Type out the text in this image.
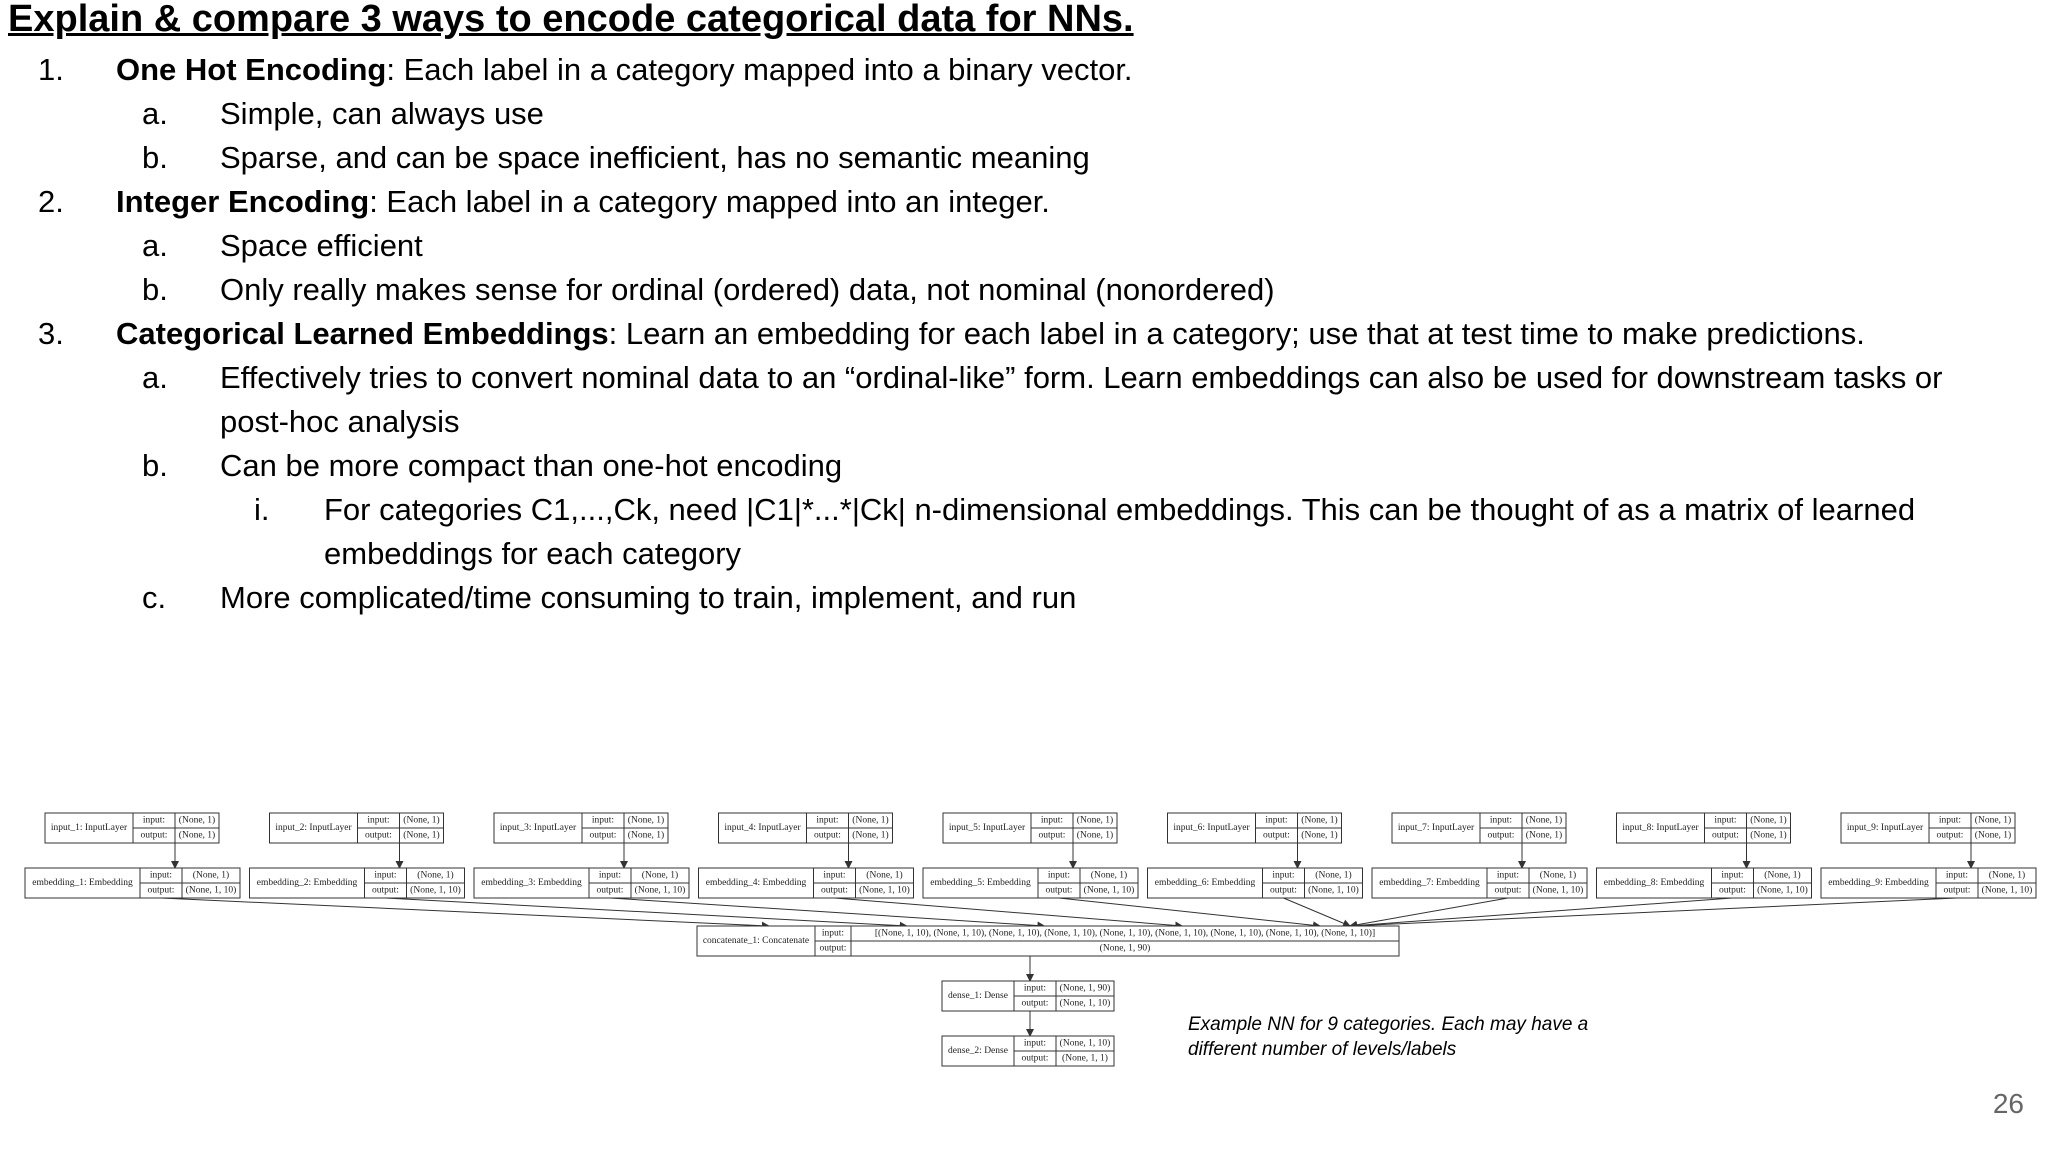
Explain & compare 3 ways to encode categorical data for NNs.
1. One Hot Encoding: Each label in a category mapped into a binary vector.
a. Simple, can always use
b. Sparse, and can be space inefficient, has no semantic meaning
2. Integer Encoding: Each label in a category mapped into an integer.
a. Space efficient
b. Only really makes sense for ordinal (ordered) data, not nominal (nonordered)
3. Categorical Learned Embeddings: Learn an embedding for each label in a category; use that at test time to make predictions.
a. Effectively tries to convert nominal data to an “ordinal-like” form. Learn embeddings can also be used for downstream tasks or
post-hoc analysis
b. Can be more compact than one-hot encoding
i. For categories C1,...,Ck, need |C1|*...*|Ck| n-dimensional embeddings. This can be thought of as a matrix of learned
embeddings for each category
c. More complicated/time consuming to train, implement, and run
input_1: InputLayer
input:
output:
(None, 1)
(None, 1)
embedding_1: Embedding
input:
output:
(None, 1)
(None, 1, 10)
input_2: InputLayer
input:
output:
(None, 1)
(None, 1)
embedding_2: Embedding
input:
output:
(None, 1)
(None, 1, 10)
input_3: InputLayer
input:
output:
(None, 1)
(None, 1)
embedding_3: Embedding
input:
output:
(None, 1)
(None, 1, 10)
input_4: InputLayer
input:
output:
(None, 1)
(None, 1)
embedding_4: Embedding
input:
output:
(None, 1)
(None, 1, 10)
input_5: InputLayer
input:
output:
(None, 1)
(None, 1)
embedding_5: Embedding
input:
output:
(None, 1)
(None, 1, 10)
input_6: InputLayer
input:
output:
(None, 1)
(None, 1)
embedding_6: Embedding
input:
output:
(None, 1)
(None, 1, 10)
input_7: InputLayer
input:
output:
(None, 1)
(None, 1)
embedding_7: Embedding
input:
output:
(None, 1)
(None, 1, 10)
input_8: InputLayer
input:
output:
(None, 1)
(None, 1)
embedding_8: Embedding
input:
output:
(None, 1)
(None, 1, 10)
input_9: InputLayer
input:
output:
(None, 1)
(None, 1)
embedding_9: Embedding
input:
output:
(None, 1)
(None, 1, 10)
concatenate_1: Concatenate
input:
output:
[(None, 1, 10), (None, 1, 10), (None, 1, 10), (None, 1, 10), (None, 1, 10), (None, 1, 10), (None, 1, 10), (None, 1, 10), (None, 1, 10)]
(None, 1, 90)
dense_1: Dense
input:
output:
(None, 1, 90)
(None, 1, 10)
dense_2: Dense
input:
output:
(None, 1, 10)
(None, 1, 1)
Example NN for 9 categories. Each may have a
different number of levels/labels
26
